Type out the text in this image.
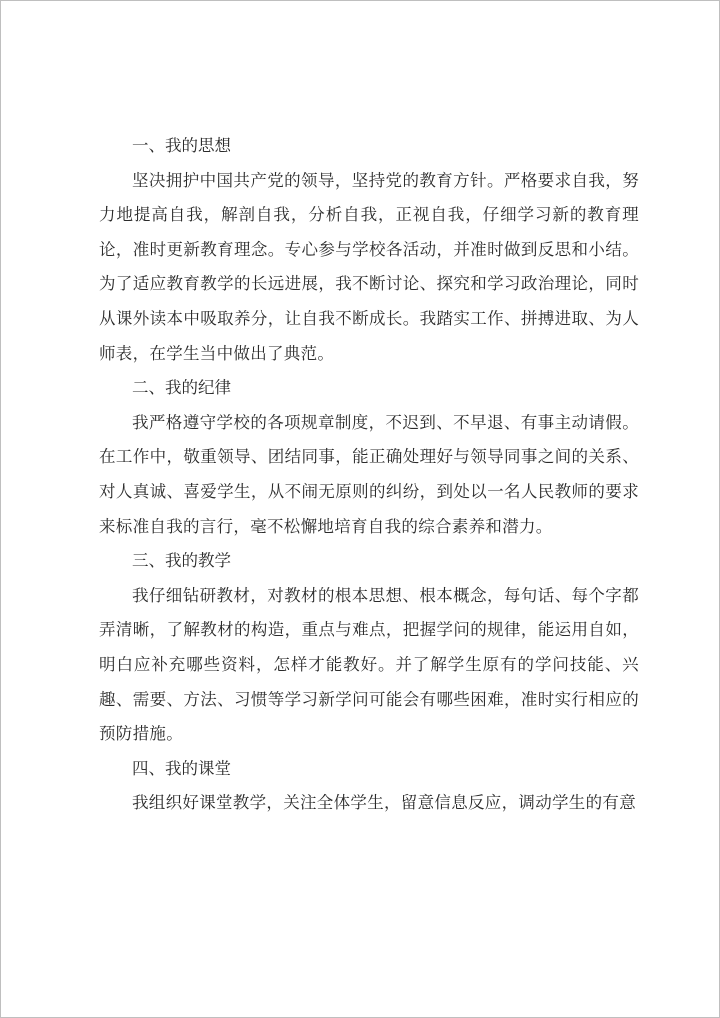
一、我的思想

坚决拥护中国共产党的领导，坚持党的教育方针。严格要求自我，努力地提高自我，解剖自我，分析自我，正视自我，仔细学习新的教育理论，准时更新教育理念。专心参与学校各活动，并准时做到反思和小结。为了适应教育教学的长远进展，我不断讨论、探究和学习政治理论，同时从课外读本中吸取养分，让自我不断成长。我踏实工作、拼搏进取、为人师表，在学生当中做出了典范。

二、我的纪律

我严格遵守学校的各项规章制度，不迟到、不早退、有事主动请假。在工作中，敬重领导、团结同事，能正确处理好与领导同事之间的关系、对人真诚、喜爱学生，从不闹无原则的纠纷，到处以一名人民教师的要求来标准自我的言行，毫不松懈地培育自我的综合素养和潜力。

三、我的教学

我仔细钻研教材，对教材的根本思想、根本概念，每句话、每个字都弄清晰，了解教材的构造，重点与难点，把握学问的规律，能运用自如，明白应补充哪些资料，怎样才能教好。并了解学生原有的学问技能、兴趣、需要、方法、习惯等学习新学问可能会有哪些困难，准时实行相应的预防措施。

四、我的课堂

我组织好课堂教学，关注全体学生，留意信息反应，调动学生的有意
